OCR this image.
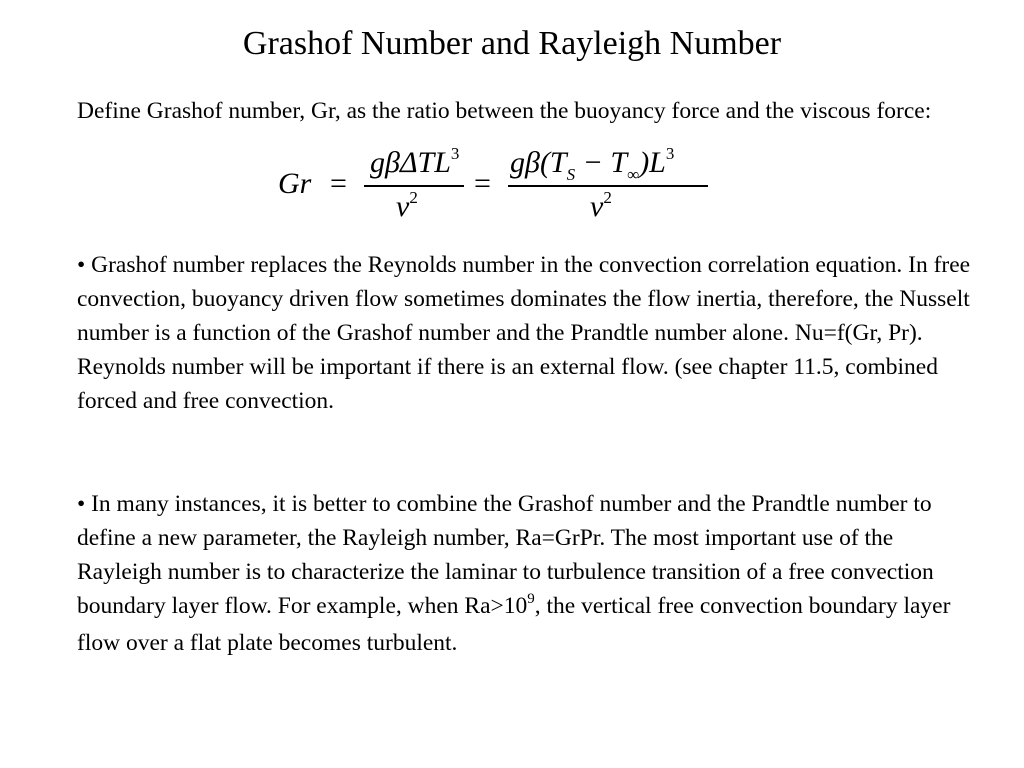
Grashof Number and Rayleigh Number
Define Grashof number, Gr, as the ratio between the buoyancy force and the viscous force:
Gr =
gβΔTL$^3$
$\nu^2$ =
$g\beta(T_S - T_\infty)L^3$
$\nu^2$
• Grashof number replaces the Reynolds number in the convection correlation equation. In free convection, buoyancy driven flow sometimes dominates the flow inertia, therefore, the Nusselt number is a function of the Grashof number and the Prandtle number alone. Nu=f(Gr, Pr). Reynolds number will be important if there is an external flow. (see chapter 11.5, combined forced and free convection.
• In many instances, it is better to combine the Grashof number and the Prandtle number to define a new parameter, the Rayleigh number, Ra=GrPr. The most important use of the Rayleigh number is to characterize the laminar to turbulence transition of a free convection boundary layer flow. For example, when $Ra>10^9$, the vertical free convection boundary layer flow over a flat plate becomes turbulent.
